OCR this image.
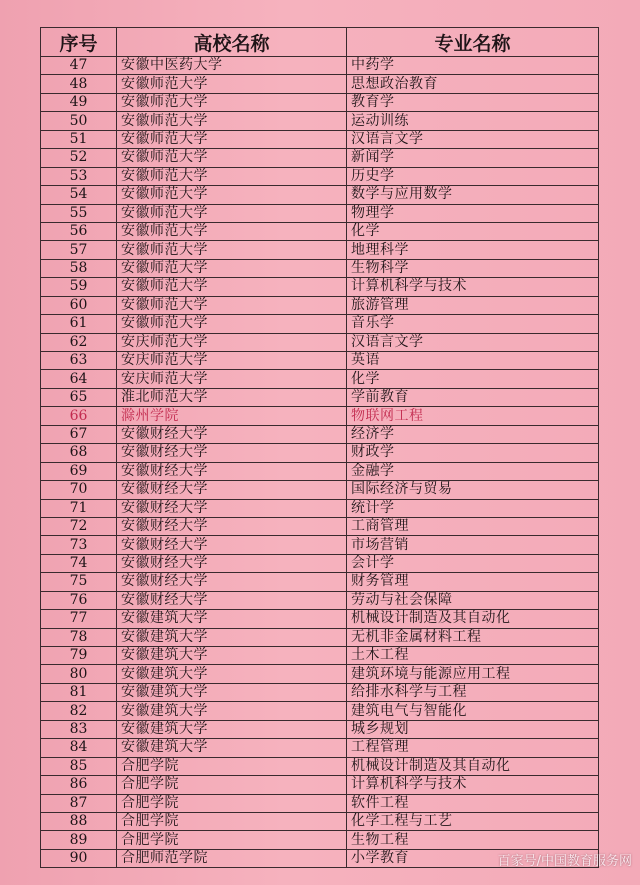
序号	高校名称	专业名称
47	安徽中医药大学	中药学
48	安徽师范大学	思想政治教育
49	安徽师范大学	教育学
50	安徽师范大学	运动训练
51	安徽师范大学	汉语言文学
52	安徽师范大学	新闻学
53	安徽师范大学	历史学
54	安徽师范大学	数学与应用数学
55	安徽师范大学	物理学
56	安徽师范大学	化学
57	安徽师范大学	地理科学
58	安徽师范大学	生物科学
59	安徽师范大学	计算机科学与技术
60	安徽师范大学	旅游管理
61	安徽师范大学	音乐学
62	安庆师范大学	汉语言文学
63	安庆师范大学	英语
64	安庆师范大学	化学
65	淮北师范大学	学前教育
66	滁州学院	物联网工程
67	安徽财经大学	经济学
68	安徽财经大学	财政学
69	安徽财经大学	金融学
70	安徽财经大学	国际经济与贸易
71	安徽财经大学	统计学
72	安徽财经大学	工商管理
73	安徽财经大学	市场营销
74	安徽财经大学	会计学
75	安徽财经大学	财务管理
76	安徽财经大学	劳动与社会保障
77	安徽建筑大学	机械设计制造及其自动化
78	安徽建筑大学	无机非金属材料工程
79	安徽建筑大学	土木工程
80	安徽建筑大学	建筑环境与能源应用工程
81	安徽建筑大学	给排水科学与工程
82	安徽建筑大学	建筑电气与智能化
83	安徽建筑大学	城乡规划
84	安徽建筑大学	工程管理
85	合肥学院	机械设计制造及其自动化
86	合肥学院	计算机科学与技术
87	合肥学院	软件工程
88	合肥学院	化学工程与工艺
89	合肥学院	生物工程
90	合肥师范学院	小学教育	百家号/中国教育服务网
